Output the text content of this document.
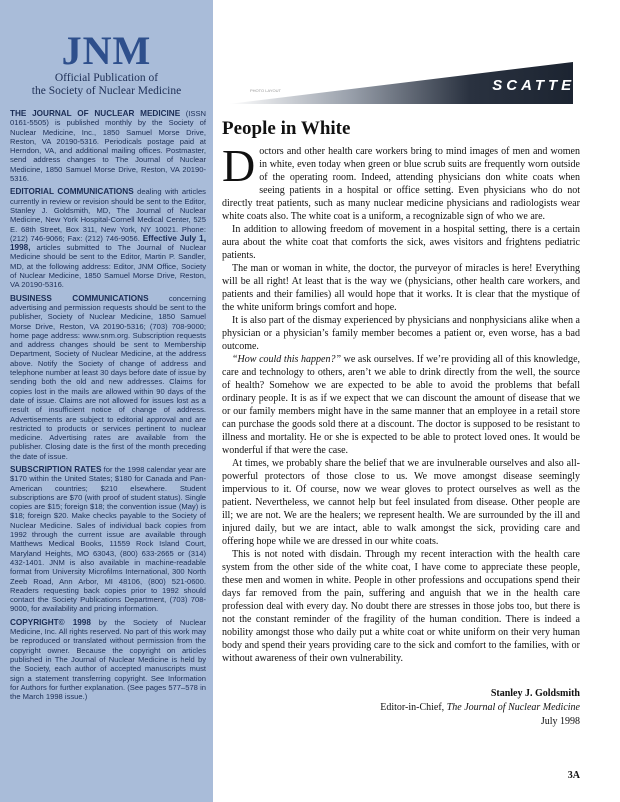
JNM
Official Publication of
the Society of Nuclear Medicine

THE JOURNAL OF NUCLEAR MEDICINE (ISSN 0161-5505) is published monthly by the Society of Nuclear Medicine, Inc., 1850 Samuel Morse Drive, Reston, VA 20190-5316. Periodicals postage paid at Herndon, VA, and additional mailing offices. Postmaster, send address changes to The Journal of Nuclear Medicine, 1850 Samuel Morse Drive, Reston, VA 20190-5316.

EDITORIAL COMMUNICATIONS dealing with articles currently in review or revision should be sent to the Editor, Stanley J. Goldsmith, MD, The Journal of Nuclear Medicine, New York Hospital-Cornell Medical Center, 525 E. 68th Street, Box 311, New York, NY 10021. Phone: (212) 746-9066; Fax: (212) 746-9056. Effective July 1, 1998, articles submitted to The Journal of Nuclear Medicine should be sent to the Editor, Martin P. Sandler, MD, at the following address: Editor, JNM Office, Society of Nuclear Medicine, 1850 Samuel Morse Drive, Reston, VA 20190-5316.

BUSINESS COMMUNICATIONS	concerning advertising and permission requests should be sent to the publisher, Society of Nuclear Medicine, 1850 Samuel Morse Drive, Reston, VA 20190-5316; (703) 708-9000; home page address: www.snm.org. Subscription requests and address changes should be sent to Membership Department, Society of Nuclear Medicine, at the address above. Notify the Society of change of address and telephone number at least 30 days before date of issue by sending both the old and new addresses. Claims for copies lost in the mails are allowed within 90 days of the date of issue. Claims are not allowed for issues lost as a result of insufficient notice of change of address. Advertisements are subject to editorial approval and are restricted to products or services pertinent to nuclear medicine. Advertising rates are available from the publisher. Closing date is the first of the month preceding the date of issue.

SUBSCRIPTION RATES for the 1998 calendar year are $170 within the United States; $180 for Canada and Pan-American countries; $210 elsewhere. Student subscriptions are $70 (with proof of student status). Single copies are $15; foreign $18; the convention issue (May) is $18; foreign $20. Make checks payable to the Society of Nuclear Medicine. Sales of individual back copies from 1992 through the current issue are available through Matthews Medical Books, 11559 Rock Island Court, Maryland Heights, MO 63043, (800) 633-2665 or (314) 432-1401. JNM is also available in machine-readable format from University Microfilms International, 300 North Zeeb Road, Ann Arbor, MI 48106, (800) 521-0600. Readers requesting back copies prior to 1992 should contact the Society Publications Department, (703) 708-9000, for availability and pricing information.

COPYRIGHT© 1998 by the Society of Nuclear Medicine, Inc. All rights reserved. No part of this work may be reproduced or translated without permission from the copyright owner. Because the copyright on articles published in The Journal of Nuclear Medicine is held by the Society, each author of accepted manuscripts must sign a statement transferring copyright. See Information for Authors for further explanation. (See pages 577–578 in the March 1998 issue.)

PHOTO LAYOUT	SCATTER
People in White

Doctors and other health care workers bring to mind images of men and women in white, even today when green or blue scrub suits are frequently worn outside of the operating room. Indeed, attending physicians don white coats when seeing patients in a hospital or office setting. Even physicians who do not directly treat patients, such as many nuclear medicine physicians and radiologists wear white coats also. The white coat is a uniform, a recognizable sign of who we are.

In addition to allowing freedom of movement in a hospital setting, there is a certain aura about the white coat that comforts the sick, awes visitors and frightens pediatric patients.

The man or woman in white, the doctor, the purveyor of miracles is here! Everything will be all right! At least that is the way we (physicians, other health care workers, and patients and their families) all would hope that it works. It is clear that the mystique of the white uniform brings comfort and hope.

It is also part of the dismay experienced by physicians and nonphysicians alike when a physician or a physician’s family member becomes a patient or, even worse, has a bad outcome.

“How could this happen?” we ask ourselves. If we’re providing all of this knowledge, care and technology to others, aren’t we able to drink directly from the well, the source of health? Somehow we are expected to be able to avoid the problems that befall ordinary people. It is as if we expect that we can discount the amount of disease that we or our family members might have in the same manner that an employee in a retail store can purchase the goods sold there at a discount. The doctor is supposed to be resistant to illness and mortality. He or she is expected to be able to protect loved ones. It would be wonderful if that were the case.

At times, we probably share the belief that we are invulnerable ourselves and also all-powerful protectors of those close to us. We move amongst disease seemingly impervious to it. Of course, now we wear gloves to protect ourselves as well as the patient. Nevertheless, we cannot help but feel insulated from disease. Other people are ill; we are not. We are the healers; we represent health. We are surrounded by the ill and injured daily, but we are intact, able to walk amongst the sick, providing care and offering hope while we are dressed in our white coats.

This is not noted with disdain. Through my recent interaction with the health care system from the other side of the white coat, I have come to appreciate these people, these men and women in white. People in other professions and occupations spend their days far removed from the pain, suffering and anguish that we in the health care profession deal with every day. No doubt there are stresses in those jobs too, but there is not the constant reminder of the fragility of the human condition. There is indeed a nobility amongst those who daily put a white coat or white uniform on their very human body and spend their years providing care to the sick and comfort to the families, with or without awareness of their own vulnerability.

Stanley J. Goldsmith
Editor-in-Chief, The Journal of Nuclear Medicine
July 1998
3A
